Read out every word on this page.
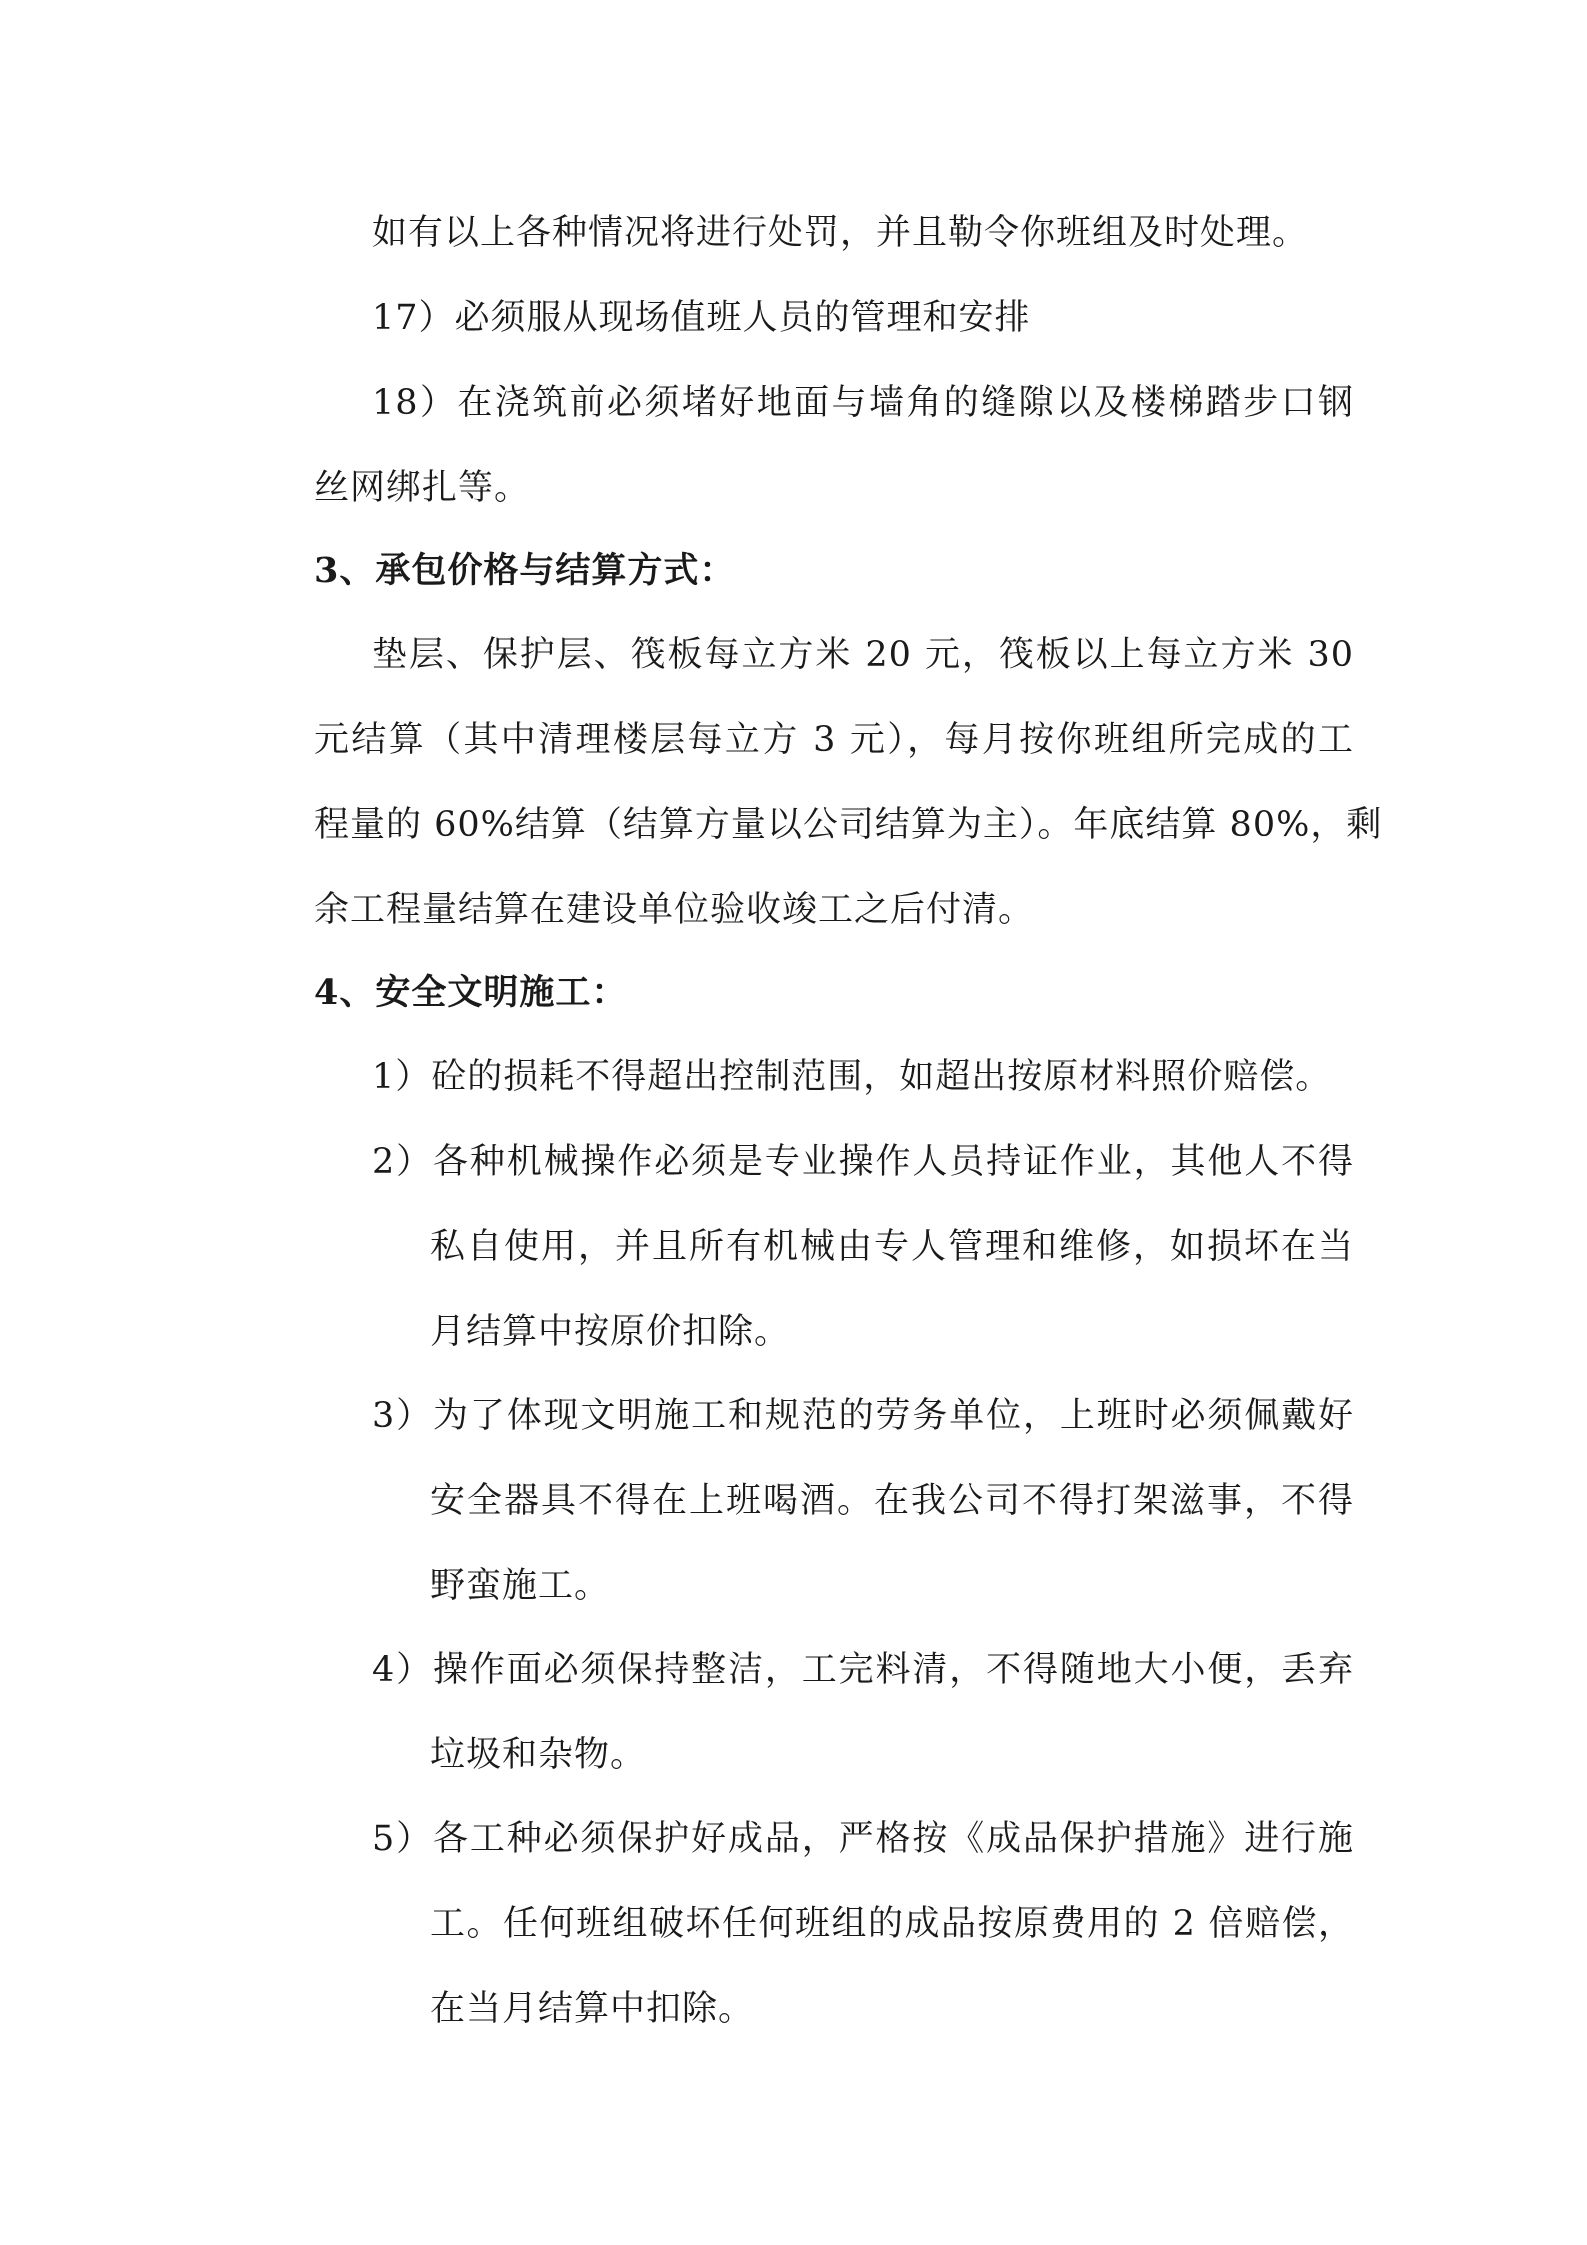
如有以上各种情况将进行处罚，并且勒令你班组及时处理。
17）必须服从现场值班人员的管理和安排
18）在浇筑前必须堵好地面与墙角的缝隙以及楼梯踏步口钢
丝网绑扎等。
3、承包价格与结算方式：
垫层、保护层、筏板每立方米 20 元，筏板以上每立方米 30
元结算（其中清理楼层每立方 3 元），每月按你班组所完成的工
程量的 60%结算（结算方量以公司结算为主）。年底结算 80%，剩
余工程量结算在建设单位验收竣工之后付清。
4、安全文明施工：
1）砼的损耗不得超出控制范围，如超出按原材料照价赔偿。
2）各种机械操作必须是专业操作人员持证作业，其他人不得
私自使用，并且所有机械由专人管理和维修，如损坏在当
月结算中按原价扣除。
3）为了体现文明施工和规范的劳务单位，上班时必须佩戴好
安全器具不得在上班喝酒。在我公司不得打架滋事，不得
野蛮施工。
4）操作面必须保持整洁，工完料清，不得随地大小便，丢弃
垃圾和杂物。
5）各工种必须保护好成品，严格按《成品保护措施》进行施
工。任何班组破坏任何班组的成品按原费用的 2 倍赔偿，
在当月结算中扣除。
